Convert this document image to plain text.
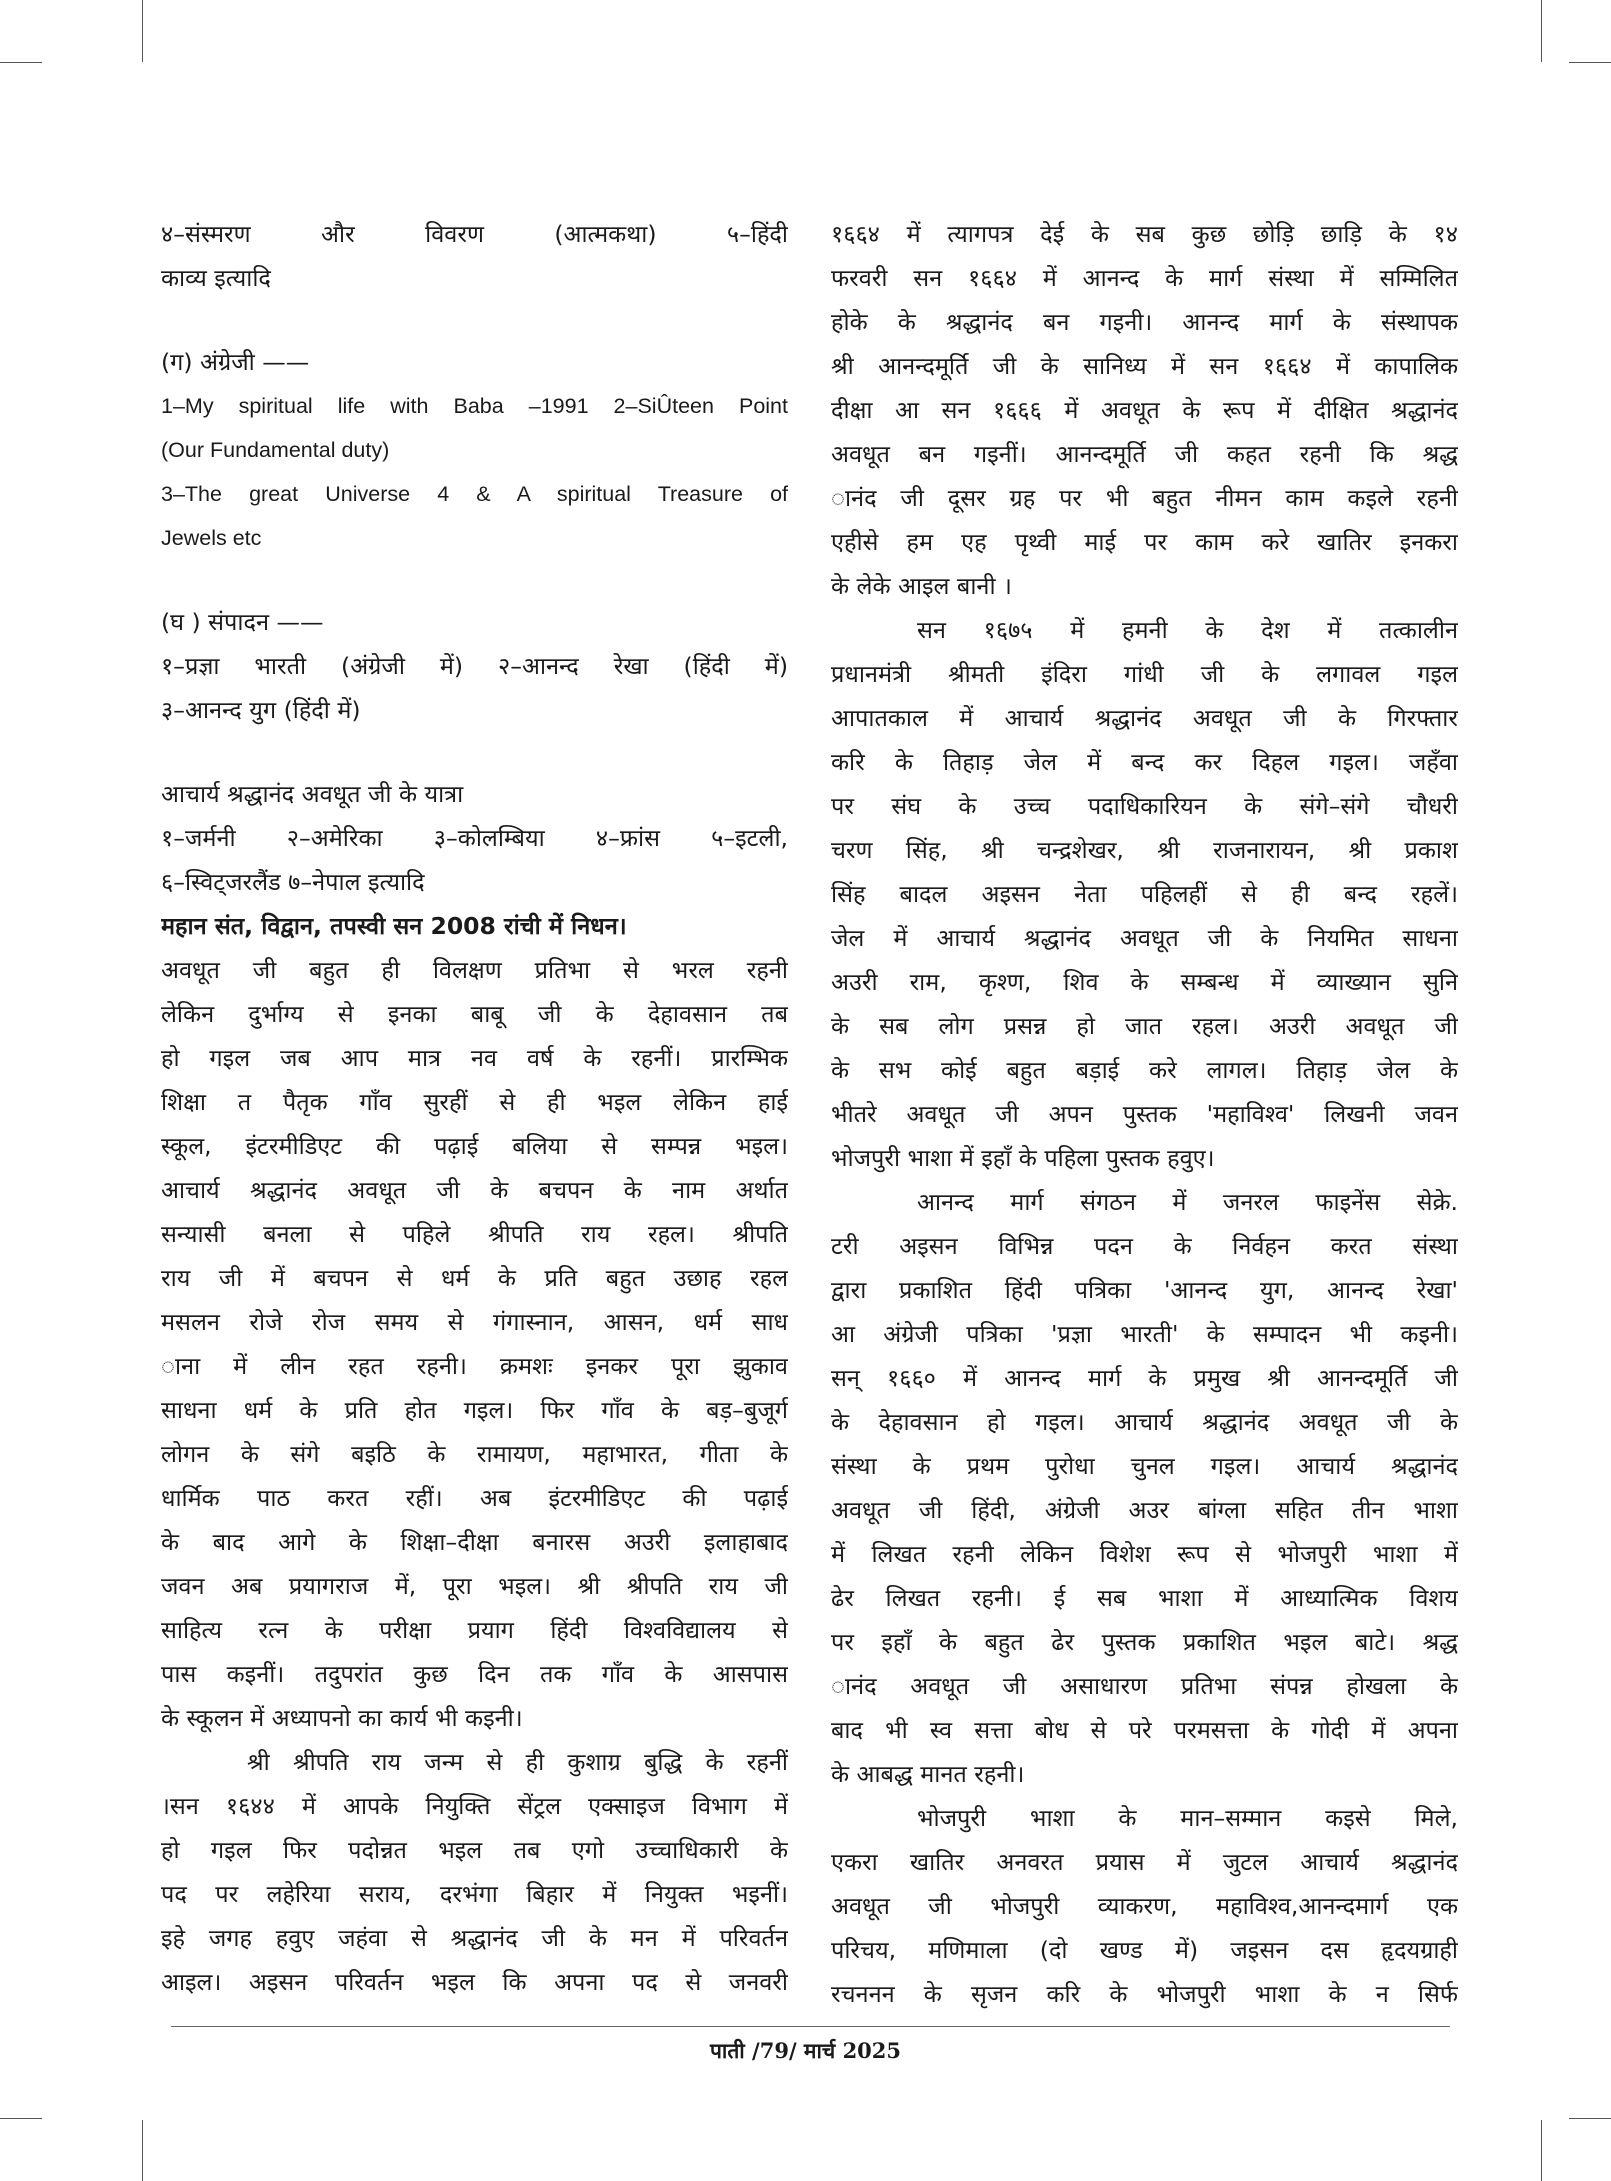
४–संस्मरण और विवरण (आत्मकथा) ५–हिंदी
काव्य इत्यादि
(ग) अंग्रेजी ——
1–My spiritual life with Baba –1991 2–SiÛteen Point
(Our Fundamental duty)
3–The great Universe 4 & A spiritual Treasure of
Jewels etc
(घ ) संपादन ——
१–प्रज्ञा भारती (अंग्रेजी में) २–आनन्द रेखा (हिंदी में)
३–आनन्द युग (हिंदी में)
आचार्य श्रद्धानंद अवधूत जी के यात्रा
१–जर्मनी २–अमेरिका ३–कोलम्बिया ४–फ्रांस ५–इटली,
६–स्विट्जरलैंड ७–नेपाल इत्यादि
महान संत, विद्वान, तपस्वी सन 2008 रांची में निधन।
अवधूत जी बहुत ही विलक्षण प्रतिभा से भरल रहनी
लेकिन दुर्भाग्य से इनका बाबू जी के देहावसान तब
हो गइल जब आप मात्र नव वर्ष के रहनीं। प्रारम्भिक
शिक्षा त पैतृक गाँव सुरहीं से ही भइल लेकिन हाई
स्कूल, इंटरमीडिएट की पढ़ाई बलिया से सम्पन्न भइल।
आचार्य श्रद्धानंद अवधूत जी के बचपन के नाम अर्थात
सन्यासी बनला से पहिले श्रीपति राय रहल। श्रीपति
राय जी में बचपन से धर्म के प्रति बहुत उछाह रहल
मसलन रोजे रोज समय से गंगास्नान, आसन, धर्म साध
ाना में लीन रहत रहनी। क्रमशः इनकर पूरा झुकाव
साधना धर्म के प्रति होत गइल। फिर गाँव के बड़–बुजूर्ग
लोगन के संगे बइठि के रामायण, महाभारत, गीता के
धार्मिक पाठ करत रहीं। अब इंटरमीडिएट की पढ़ाई
के बाद आगे के शिक्षा–दीक्षा बनारस अउरी इलाहाबाद
जवन अब प्रयागराज में, पूरा भइल। श्री श्रीपति राय जी
साहित्य रत्न के परीक्षा प्रयाग हिंदी विश्वविद्यालय से
पास कइनीं। तदुपरांत कुछ दिन तक गाँव के आसपास
के स्कूलन में अध्यापनो का कार्य भी कइनी।
श्री श्रीपति राय जन्म से ही कुशाग्र बुद्धि के रहनीं
।सन १६४४ में आपके नियुक्ति सेंट्रल एक्साइज विभाग में
हो गइल फिर पदोन्नत भइल तब एगो उच्चाधिकारी के
पद पर लहेरिया सराय, दरभंगा बिहार में नियुक्त भइनीं।
इहे जगह हवुए जहंवा से श्रद्धानंद जी के मन में परिवर्तन
आइल। अइसन परिवर्तन भइल कि अपना पद से जनवरी
१६६४ में त्यागपत्र देई के सब कुछ छोड़ि छाड़ि के १४
फरवरी सन १६६४ में आनन्द के मार्ग संस्था में सम्मिलित
होके के श्रद्धानंद बन गइनी। आनन्द मार्ग के संस्थापक
श्री आनन्दमूर्ति जी के सानिध्य में सन १६६४ में कापालिक
दीक्षा आ सन १६६६ में अवधूत के रूप में दीक्षित श्रद्धानंद
अवधूत बन गइनीं। आनन्दमूर्ति जी कहत रहनी कि श्रद्ध
ानंद जी दूसर ग्रह पर भी बहुत नीमन काम कइले रहनी
एहीसे हम एह पृथ्वी माई पर काम करे खातिर इनकरा
के लेके आइल बानी ।
सन १६७५ में हमनी के देश में तत्कालीन
प्रधानमंत्री श्रीमती इंदिरा गांधी जी के लगावल गइल
आपातकाल में आचार्य श्रद्धानंद अवधूत जी के गिरफ्तार
करि के तिहाड़ जेल में बन्द कर दिहल गइल। जहँवा
पर संघ के उच्च पदाधिकारियन के संगे–संगे चौधरी
चरण सिंह, श्री चन्द्रशेखर, श्री राजनारायन, श्री प्रकाश
सिंह बादल अइसन नेता पहिलहीं से ही बन्द रहलें।
जेल में आचार्य श्रद्धानंद अवधूत जी के नियमित साधना
अउरी राम, कृश्ण, शिव के सम्बन्ध में व्याख्यान सुनि
के सब लोग प्रसन्न हो जात रहल। अउरी अवधूत जी
के सभ कोई बहुत बड़ाई करे लागल। तिहाड़ जेल के
भीतरे अवधूत जी अपन पुस्तक 'महाविश्व' लिखनी जवन
भोजपुरी भाशा में इहाँ के पहिला पुस्तक हवुए।
आनन्द मार्ग संगठन में जनरल फाइनेंस सेक्रे.
टरी अइसन विभिन्न पदन के निर्वहन करत संस्था
द्वारा प्रकाशित हिंदी पत्रिका 'आनन्द युग, आनन्द रेखा'
आ अंग्रेजी पत्रिका 'प्रज्ञा भारती' के सम्पादन भी कइनी।
सन् १६६० में आनन्द मार्ग के प्रमुख श्री आनन्दमूर्ति जी
के देहावसान हो गइल। आचार्य श्रद्धानंद अवधूत जी के
संस्था के प्रथम पुरोधा चुनल गइल। आचार्य श्रद्धानंद
अवधूत जी हिंदी, अंग्रेजी अउर बांग्ला सहित तीन भाशा
में लिखत रहनी लेकिन विशेश रूप से भोजपुरी भाशा में
ढेर लिखत रहनी। ई सब भाशा में आध्यात्मिक विशय
पर इहाँ के बहुत ढेर पुस्तक प्रकाशित भइल बाटे। श्रद्ध
ानंद अवधूत जी असाधारण प्रतिभा संपन्न होखला के
बाद भी स्व सत्ता बोध से परे परमसत्ता के गोदी में अपना
के आबद्ध मानत रहनी।
भोजपुरी भाशा के मान–सम्मान कइसे मिले,
एकरा खातिर अनवरत प्रयास में जुटल आचार्य श्रद्धानंद
अवधूत जी भोजपुरी व्याकरण, महाविश्व,आनन्दमार्ग एक
परिचय, मणिमाला (दो खण्ड में) जइसन दस हृदयग्राही
रचननन के सृजन करि के भोजपुरी भाशा के न सिर्फ
पाती /79/ मार्च 2025
